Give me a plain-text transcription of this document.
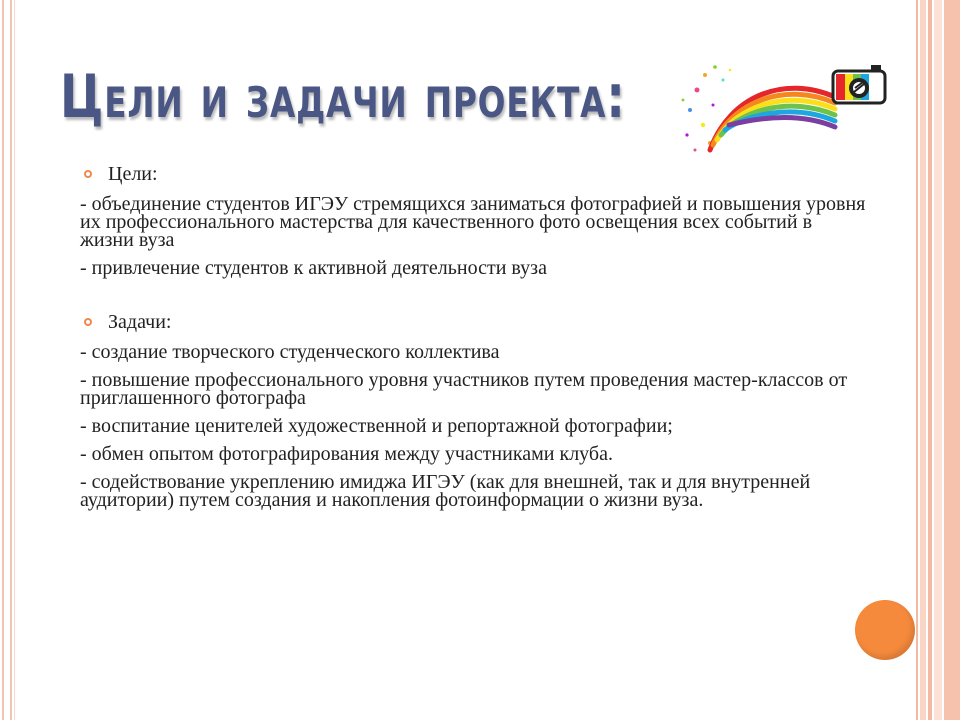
Цели и задачи проекта:
Цели:

- объединение студентов ИГЭУ стремящихся заниматься фотографией и повышения уровня их профессионального мастерства для качественного фото освещения всех событий в жизни вуза

- привлечение студентов к активной деятельности вуза

Задачи:

- создание творческого студенческого коллектива

- повышение профессионального уровня участников путем проведения мастер-классов от приглашенного фотографа

- воспитание ценителей художественной и репортажной фотографии;

- обмен опытом фотографирования между участниками клуба.

- содействование укреплению имиджа ИГЭУ (как для внешней, так и для внутренней аудитории) путем создания и накопления фотоинформации о жизни вуза.
